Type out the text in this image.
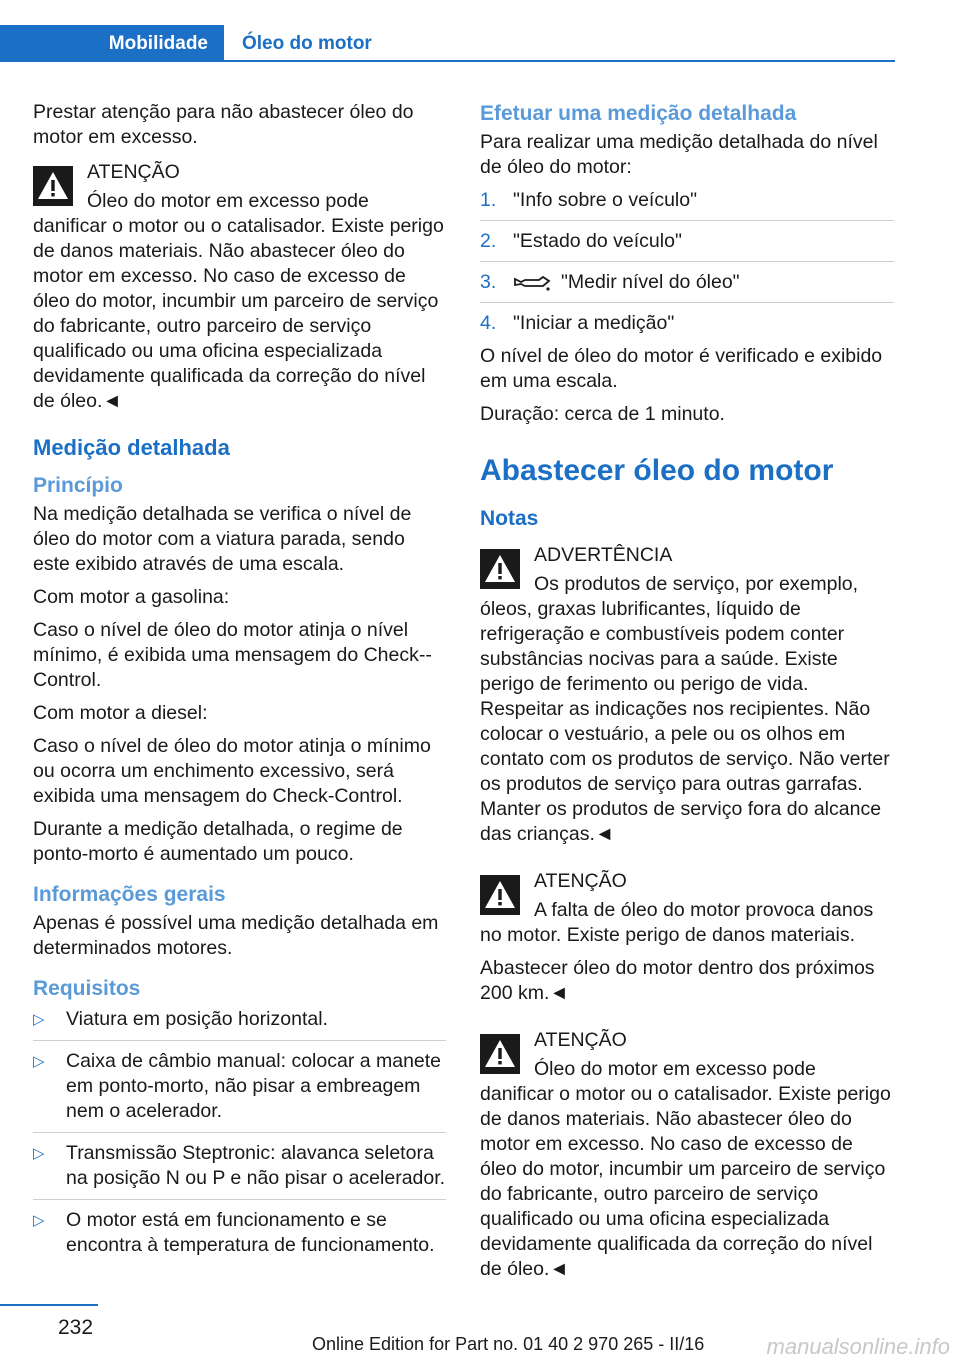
Mobilidade	Óleo do motor

Prestar atenção para não abastecer óleo do motor em excesso.

ATENÇÃO
Óleo do motor em excesso pode danificar o motor ou o catalisador. Existe perigo de danos materiais. Não abastecer óleo do motor em excesso. No caso de excesso de óleo do motor, incumbir um parceiro de serviço do fabricante, outro parceiro de serviço qualificado ou uma oficina especializada devidamente qualificada da correção do nível de óleo.◄
Medição detalhada
Princípio

Na medição detalhada se verifica o nível de óleo do motor com a viatura parada, sendo este exibido através de uma escala.

Com motor a gasolina:

Caso o nível de óleo do motor atinja o nível mínimo, é exibida uma mensagem do Check--Control.

Com motor a diesel:

Caso o nível de óleo do motor atinja o mínimo ou ocorra um enchimento excessivo, será exibida uma mensagem do Check-Control.

Durante a medição detalhada, o regime de ponto-morto é aumentado um pouco.

Informações gerais

Apenas é possível uma medição detalhada em determinados motores.

Requisitos
▷ Viatura em posição horizontal.
▷ Caixa de câmbio manual: colocar a manete em ponto-morto, não pisar a embreagem nem o acelerador.
▷ Transmissão Steptronic: alavanca seletora na posição N ou P e não pisar o acelerador.
▷ O motor está em funcionamento e se encontra à temperatura de funcionamento.
Efetuar uma medição detalhada

Para realizar uma medição detalhada do nível de óleo do motor:

1. "Info sobre o veículo"
2. "Estado do veículo"
3.	"Medir nível do óleo"
4. "Iniciar a medição"

O nível de óleo do motor é verificado e exibido em uma escala.

Duração: cerca de 1 minuto.

Abastecer óleo do motor
Notas
ADVERTÊNCIA
Os produtos de serviço, por exemplo, óleos, graxas lubrificantes, líquido de refrigeração e combustíveis podem conter substâncias nocivas para a saúde. Existe perigo de ferimento ou perigo de vida. Respeitar as indicações nos recipientes. Não colocar o vestuário, a pele ou os olhos em contato com os produtos de serviço. Não verter os produtos de serviço para outras garrafas. Manter os produtos de serviço fora do alcance das crianças.◄
ATENÇÃO
A falta de óleo do motor provoca danos no motor. Existe perigo de danos materiais.

Abastecer óleo do motor dentro dos próximos 200 km.◄

ATENÇÃO
Óleo do motor em excesso pode danificar o motor ou o catalisador. Existe perigo de danos materiais. Não abastecer óleo do motor em excesso. No caso de excesso de óleo do motor, incumbir um parceiro de serviço do fabricante, outro parceiro de serviço qualificado ou uma oficina especializada devidamente qualificada da correção do nível de óleo.◄
232
Online Edition for Part no. 01 40 2 970 265 - II/16	manualsonline.info
